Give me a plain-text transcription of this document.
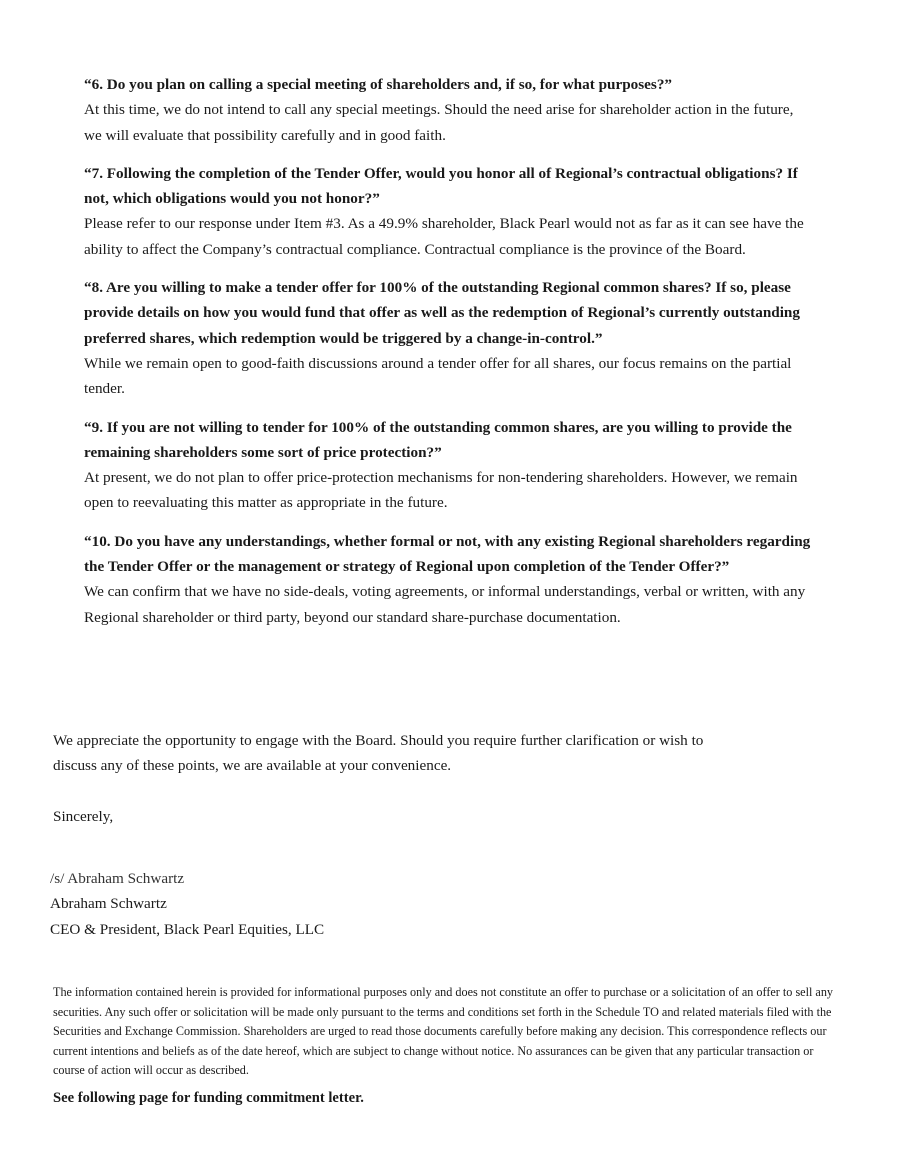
“6. Do you plan on calling a special meeting of shareholders and, if so, for what purposes?”

At this time, we do not intend to call any special meetings. Should the need arise for shareholder action in the future, we will evaluate that possibility carefully and in good faith.

“7. Following the completion of the Tender Offer, would you honor all of Regional’s contractual obligations? If not, which obligations would you not honor?”

Please refer to our response under Item #3. As a 49.9% shareholder, Black Pearl would not as far as it can see have the ability to affect the Company’s contractual compliance. Contractual compliance is the province of the Board.

“8. Are you willing to make a tender offer for 100% of the outstanding Regional common shares? If so, please provide details on how you would fund that offer as well as the redemption of Regional’s currently outstanding preferred shares, which redemption would be triggered by a change-in-control.”

While we remain open to good-faith discussions around a tender offer for all shares, our focus remains on the partial tender.

“9. If you are not willing to tender for 100% of the outstanding common shares, are you willing to provide the remaining shareholders some sort of price protection?”

At present, we do not plan to offer price-protection mechanisms for non-tendering shareholders. However, we remain open to reevaluating this matter as appropriate in the future.

“10. Do you have any understandings, whether formal or not, with any existing Regional shareholders regarding the Tender Offer or the management or strategy of Regional upon completion of the Tender Offer?”

We can confirm that we have no side-deals, voting agreements, or informal understandings, verbal or written, with any Regional shareholder or third party, beyond our standard share-purchase documentation.

We appreciate the opportunity to engage with the Board. Should you require further clarification or wish to discuss any of these points, we are available at your convenience.

Sincerely,

/s/ Abraham Schwartz
Abraham Schwartz
CEO & President, Black Pearl Equities, LLC

The information contained herein is provided for informational purposes only and does not constitute an offer to purchase or a solicitation of an offer to sell any securities. Any such offer or solicitation will be made only pursuant to the terms and conditions set forth in the Schedule TO and related materials filed with the Securities and Exchange Commission. Shareholders are urged to read those documents carefully before making any decision. This correspondence reflects our current intentions and beliefs as of the date hereof, which are subject to change without notice. No assurances can be given that any particular transaction or course of action will occur as described.

See following page for funding commitment letter.
